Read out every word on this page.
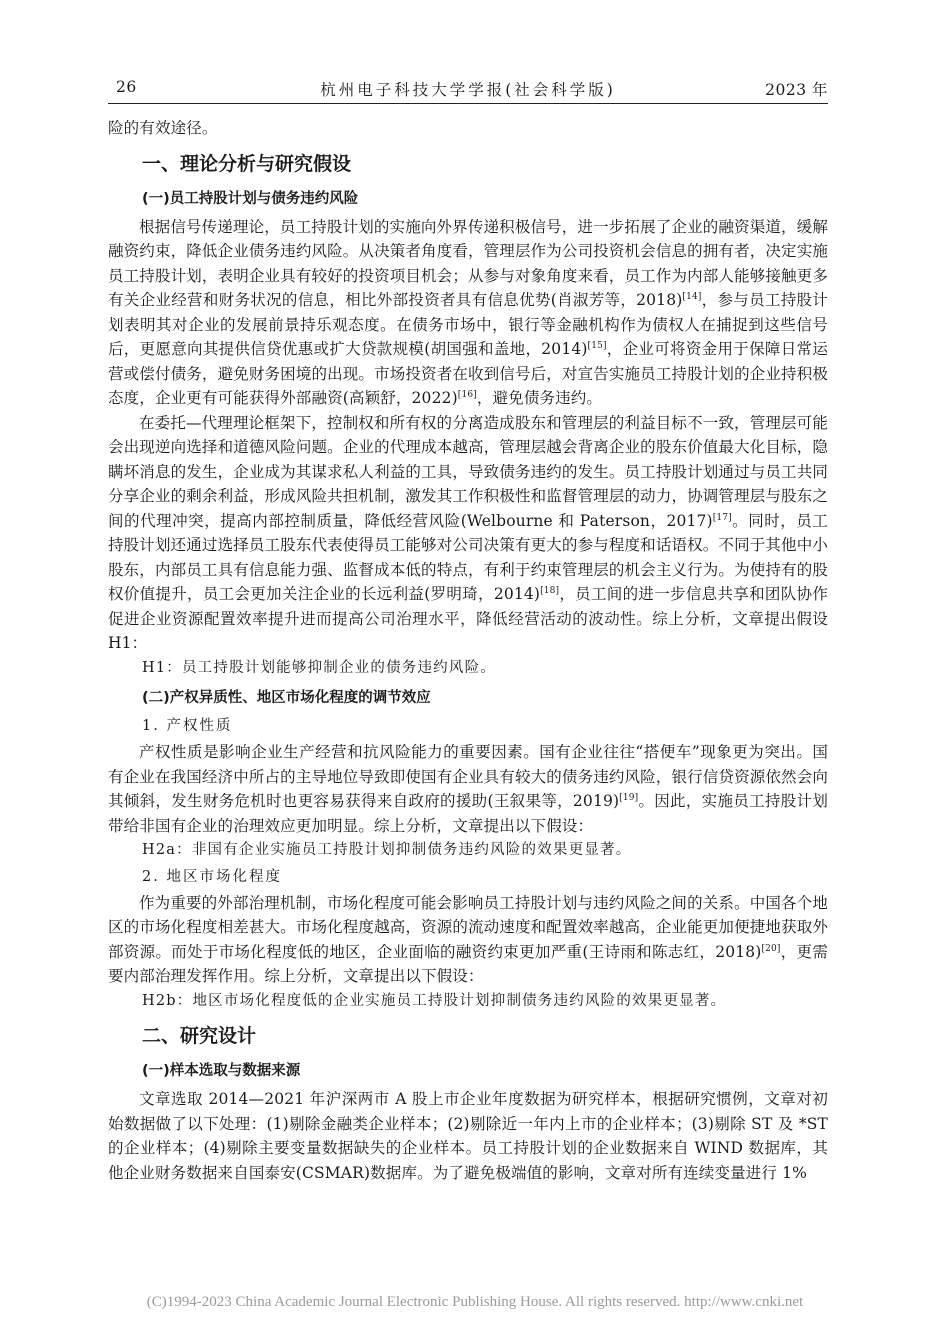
26	杭州电子科技大学学报(社会科学版)	2023 年

险的有效途径。

一、理论分析与研究假设
(一)员工持股计划与债务违约风险

根据信号传递理论，员工持股计划的实施向外界传递积极信号，进一步拓展了企业的融资渠道，缓解融资约束，降低企业债务违约风险。从决策者角度看，管理层作为公司投资机会信息的拥有者，决定实施员工持股计划，表明企业具有较好的投资项目机会；从参与对象角度来看，员工作为内部人能够接触更多有关企业经营和财务状况的信息，相比外部投资者具有信息优势(肖淑芳等，2018)[14]，参与员工持股计划表明其对企业的发展前景持乐观态度。在债务市场中，银行等金融机构作为债权人在捕捉到这些信号后，更愿意向其提供信贷优惠或扩大贷款规模(胡国强和盖地，2014)[15]，企业可将资金用于保障日常运营或偿付债务，避免财务困境的出现。市场投资者在收到信号后，对宣告实施员工持股计划的企业持积极态度，企业更有可能获得外部融资(高颖舒，2022)[16]，避免债务违约。

在委托—代理理论框架下，控制权和所有权的分离造成股东和管理层的利益目标不一致，管理层可能会出现逆向选择和道德风险问题。企业的代理成本越高，管理层越会背离企业的股东价值最大化目标，隐瞒坏消息的发生，企业成为其谋求私人利益的工具，导致债务违约的发生。员工持股计划通过与员工共同分享企业的剩余利益，形成风险共担机制，激发其工作积极性和监督管理层的动力，协调管理层与股东之间的代理冲突，提高内部控制质量，降低经营风险(Welbourne 和 Paterson，2017)[17]。同时，员工持股计划还通过选择员工股东代表使得员工能够对公司决策有更大的参与程度和话语权。不同于其他中小股东，内部员工具有信息能力强、监督成本低的特点，有利于约束管理层的机会主义行为。为使持有的股权价值提升，员工会更加关注企业的长远利益(罗明琦，2014)[18]，员工间的进一步信息共享和团队协作促进企业资源配置效率提升进而提高公司治理水平，降低经营活动的波动性。综上分析，文章提出假设 H1：

H1：员工持股计划能够抑制企业的债务违约风险。
(二)产权异质性、地区市场化程度的调节效应
1. 产权性质

产权性质是影响企业生产经营和抗风险能力的重要因素。国有企业往往“搭便车”现象更为突出。国有企业在我国经济中所占的主导地位导致即使国有企业具有较大的债务违约风险，银行信贷资源依然会向其倾斜，发生财务危机时也更容易获得来自政府的援助(王叙果等，2019)[19]。因此，实施员工持股计划带给非国有企业的治理效应更加明显。综上分析，文章提出以下假设：

H2a：非国有企业实施员工持股计划抑制债务违约风险的效果更显著。
2. 地区市场化程度

作为重要的外部治理机制，市场化程度可能会影响员工持股计划与违约风险之间的关系。中国各个地区的市场化程度相差甚大。市场化程度越高，资源的流动速度和配置效率越高，企业能更加便捷地获取外部资源。而处于市场化程度低的地区，企业面临的融资约束更加严重(王诗雨和陈志红，2018)[20]，更需要内部治理发挥作用。综上分析，文章提出以下假设：

H2b：地区市场化程度低的企业实施员工持股计划抑制债务违约风险的效果更显著。
二、研究设计
(一)样本选取与数据来源

文章选取 2014—2021 年沪深两市 A 股上市企业年度数据为研究样本，根据研究惯例，文章对初始数据做了以下处理：(1)剔除金融类企业样本；(2)剔除近一年内上市的企业样本；(3)剔除 ST 及 *ST 的企业样本；(4)剔除主要变量数据缺失的企业样本。员工持股计划的企业数据来自 WIND 数据库，其他企业财务数据来自国泰安(CSMAR)数据库。为了避免极端值的影响，文章对所有连续变量进行 1%

(C)1994-2023 China Academic Journal Electronic Publishing House. All rights reserved. http://www.cnki.net
